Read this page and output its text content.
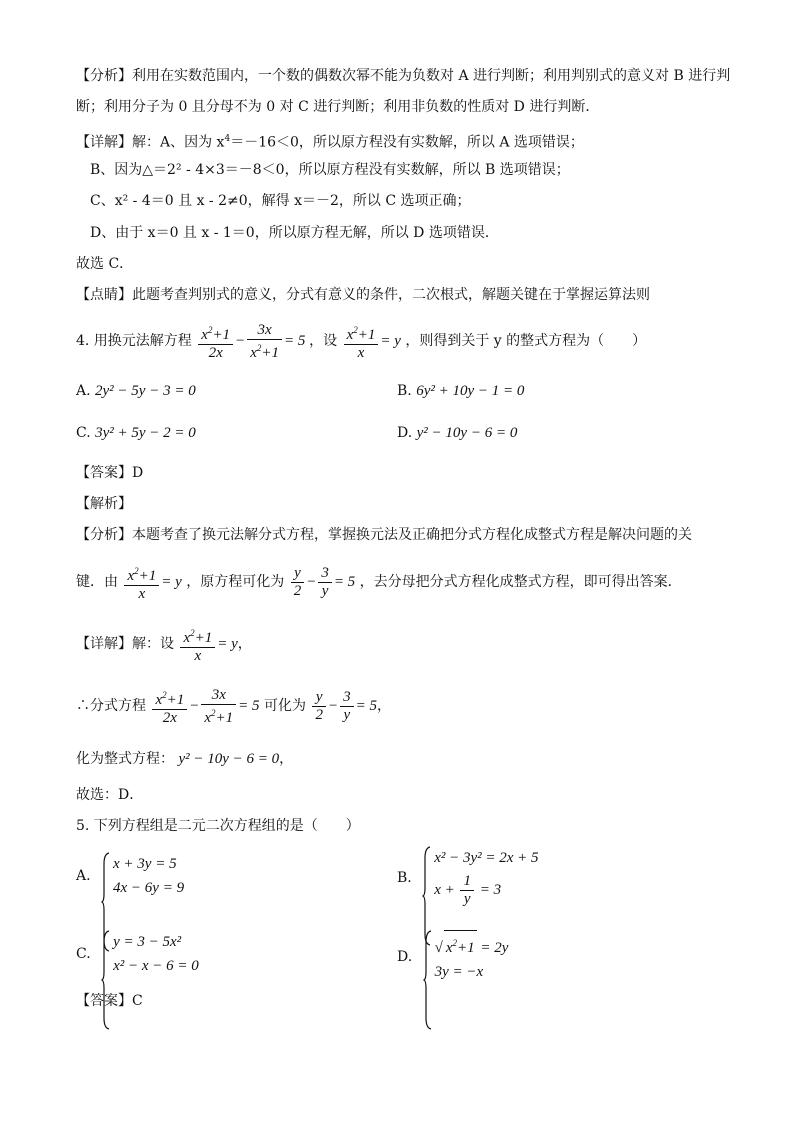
【分析】利用在实数范围内，一个数的偶数次幂不能为负数对 A 进行判断；利用判别式的意义对 B 进行判
断；利用分子为 0 且分母不为 0 对 C 进行判断；利用非负数的性质对 D 进行判断．
【详解】解：A、因为 $x^4=-16<0$，所以原方程没有实数解，所以 A 选项错误；
B、因为△＝2² - 4×3＝－8＜0，所以原方程没有实数解，所以 B 选项错误；
C、x² - 4＝0 且 x - 2≠0，解得 x＝－2，所以 C 选项正确；
D、由于 x＝0 且 x - 1＝0，所以原方程无解，所以 D 选项错误．
故选 C．
【点睛】此题考查判别式的意义，分式有意义的条件，二次根式，解题关键在于掌握运算法则
4. 用换元法解方程 $\frac{x^2+1}{2x} - \frac{3x}{x^2+1} = 5$ ，设 $\frac{x^2+1}{x} = y$ ，则得到关于 y 的整式方程为（　　）
A. 2y² − 5y − 3 = 0	B. 6y² + 10y − 1 = 0
C. 3y² + 5y − 2 = 0	D. y² − 10y − 6 = 0
【答案】D
【解析】
【分析】本题考查了换元法解分式方程，掌握换元法及正确把分式方程化成整式方程是解决问题的关
键．由 $\frac{x^2+1}{x} = y$ ，原方程可化为 $\frac{y}{2} - \frac{3}{y} = 5$ ，去分母把分式方程化成整式方程，即可得出答案．
【详解】解：设 $\frac{x^2+1}{x} = y$，
∴分式方程 $\frac{x^2+1}{2x} - \frac{3x}{x^2+1} = 5$ 可化为 $\frac{y}{2} - \frac{3}{y} = 5$，
化为整式方程： y² − 10y − 6 = 0，
故选：D．
5. 下列方程组是二元二次方程组的是（　　）
A.
x + 3y = 5
4x − 6y = 9
B.
x² − 3y² = 2x + 5
$x + \frac{1}{y} = 3$
C.
y = 3 − 5x²
x² − x − 6 = 0
D.
√ $x^2+1 = 2y$
3y = −x
【答案】C
